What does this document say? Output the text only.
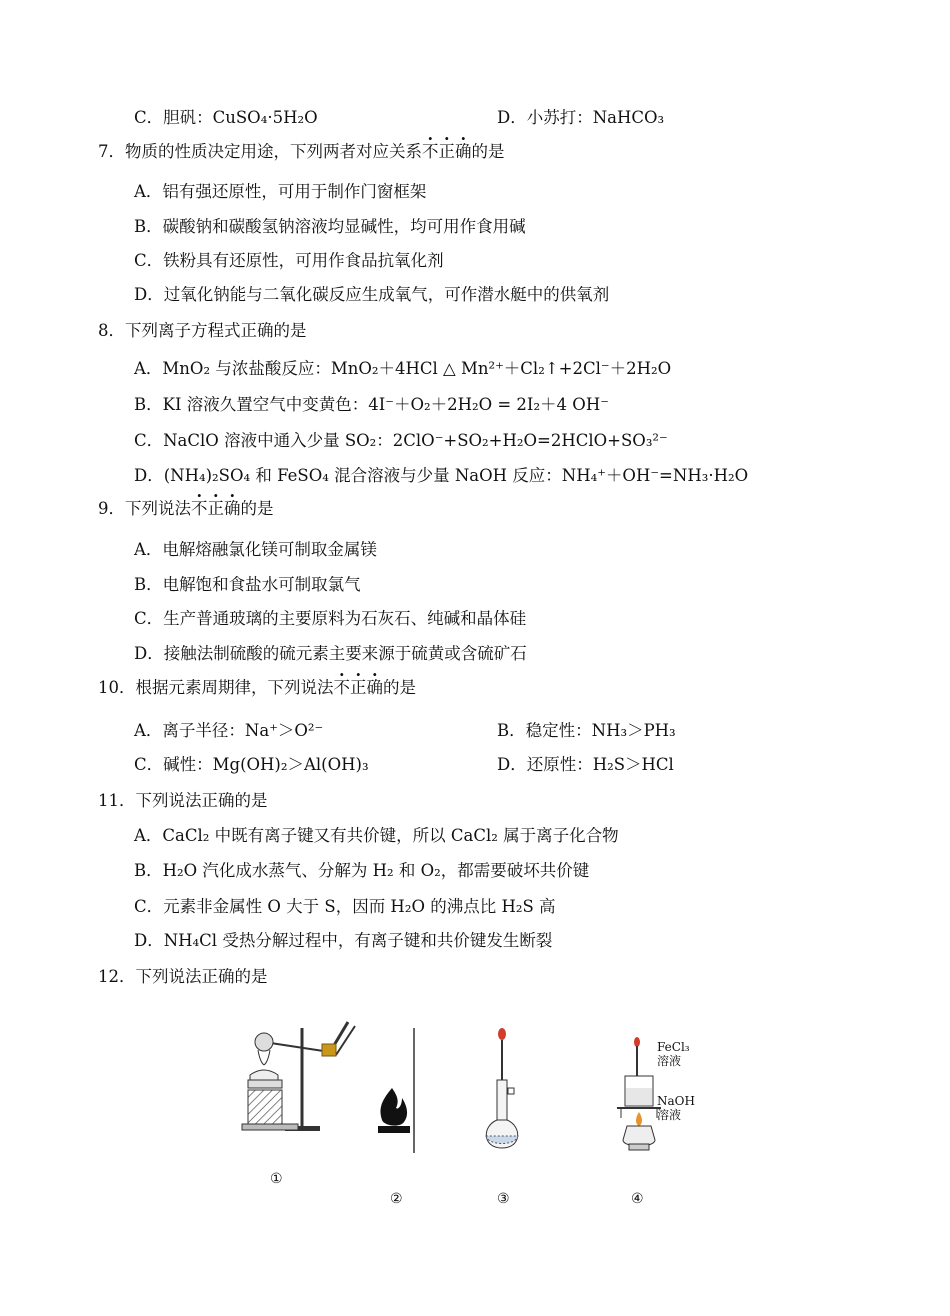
C．胆矾：CuSO₄·5H₂O	D．小苏打：NaHCO₃
7．物质的性质决定用途，下列两者对应关系不正确的是
A．铝有强还原性，可用于制作门窗框架
B．碳酸钠和碳酸氢钠溶液均显碱性，均可用作食用碱
C．铁粉具有还原性，可用作食品抗氧化剂
D．过氧化钠能与二氧化碳反应生成氧气，可作潜水艇中的供氧剂
8．下列离子方程式正确的是
A．MnO₂ 与浓盐酸反应：MnO₂＋4HCl △ Mn²⁺＋Cl₂↑+2Cl⁻＋2H₂O
B．KI 溶液久置空气中变黄色：4I⁻＋O₂＋2H₂O = 2I₂＋4 OH⁻
C．NaClO 溶液中通入少量 SO₂：2ClO⁻+SO₂+H₂O=2HClO+SO₃²⁻
D．(NH₄)₂SO₄ 和 FeSO₄ 混合溶液与少量 NaOH 反应：NH₄⁺＋OH⁻=NH₃·H₂O
9．下列说法不正确的是
A．电解熔融氯化镁可制取金属镁
B．电解饱和食盐水可制取氯气
C．生产普通玻璃的主要原料为石灰石、纯碱和晶体硅
D．接触法制硫酸的硫元素主要来源于硫黄或含硫矿石
10．根据元素周期律，下列说法不正确的是
A．离子半径：Na⁺＞O²⁻	B．稳定性：NH₃＞PH₃
C．碱性：Mg(OH)₂＞Al(OH)₃	D．还原性：H₂S＞HCl
11．下列说法正确的是
A．CaCl₂ 中既有离子键又有共价键，所以 CaCl₂ 属于离子化合物
B．H₂O 汽化成水蒸气、分解为 H₂ 和 O₂，都需要破坏共价键
C．元素非金属性 O 大于 S，因而 H₂O 的沸点比 H₂S 高
D．NH₄Cl 受热分解过程中，有离子键和共价键发生断裂
12．下列说法正确的是
①
②	③
FeCl₃
溶液
NaOH
溶液
④
